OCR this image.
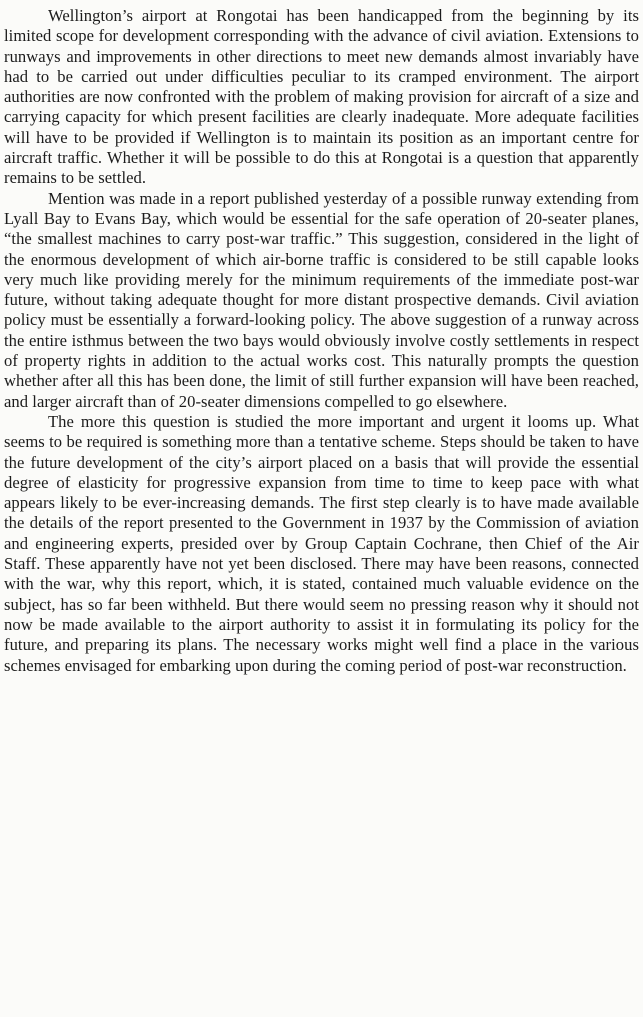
Wellington’s airport at Rongotai has been handicapped from the beginning by its limited scope for development corresponding with the advance of civil aviation. Extensions to runways and improvements in other directions to meet new demands almost invariably have had to be carried out under difficulties peculiar to its cramped environment. The airport authorities are now confronted with the problem of making provision for aircraft of a size and carrying capacity for which present facilities are clearly inadequate. More adequate facilities will have to be provided if Wellington is to maintain its position as an important centre for aircraft traffic. Whether it will be possible to do this at Rongotai is a question that apparently remains to be settled.

Mention was made in a report published yesterday of a possible runway extending from Lyall Bay to Evans Bay, which would be essential for the safe operation of 20-seater planes, “the smallest machines to carry post-war traffic.” This suggestion, considered in the light of the enormous development of which air-borne traffic is considered to be still capable looks very much like providing merely for the minimum requirements of the immediate post-war future, without taking adequate thought for more distant prospective demands. Civil aviation policy must be essentially a forward-looking policy. The above suggestion of a runway across the entire isthmus between the two bays would obviously involve costly settlements in respect of property rights in addition to the actual works cost. This naturally prompts the question whether after all this has been done, the limit of still further expansion will have been reached, and larger aircraft than of 20-seater dimensions compelled to go elsewhere.

The more this question is studied the more important and urgent it looms up. What seems to be required is something more than a tentative scheme. Steps should be taken to have the future development of the city’s airport placed on a basis that will provide the essential degree of elasticity for progressive expansion from time to time to keep pace with what appears likely to be ever-increasing demands. The first step clearly is to have made available the details of the report presented to the Government in 1937 by the Commission of aviation and engineering experts, presided over by Group Captain Cochrane, then Chief of the Air Staff. These apparently have not yet been disclosed. There may have been reasons, connected with the war, why this report, which, it is stated, contained much valuable evidence on the subject, has so far been withheld. But there would seem no pressing reason why it should not now be made available to the airport authority to assist it in formulating its policy for the future, and preparing its plans. The necessary works might well find a place in the various schemes envisaged for embarking upon during the coming period of post-war reconstruction.
